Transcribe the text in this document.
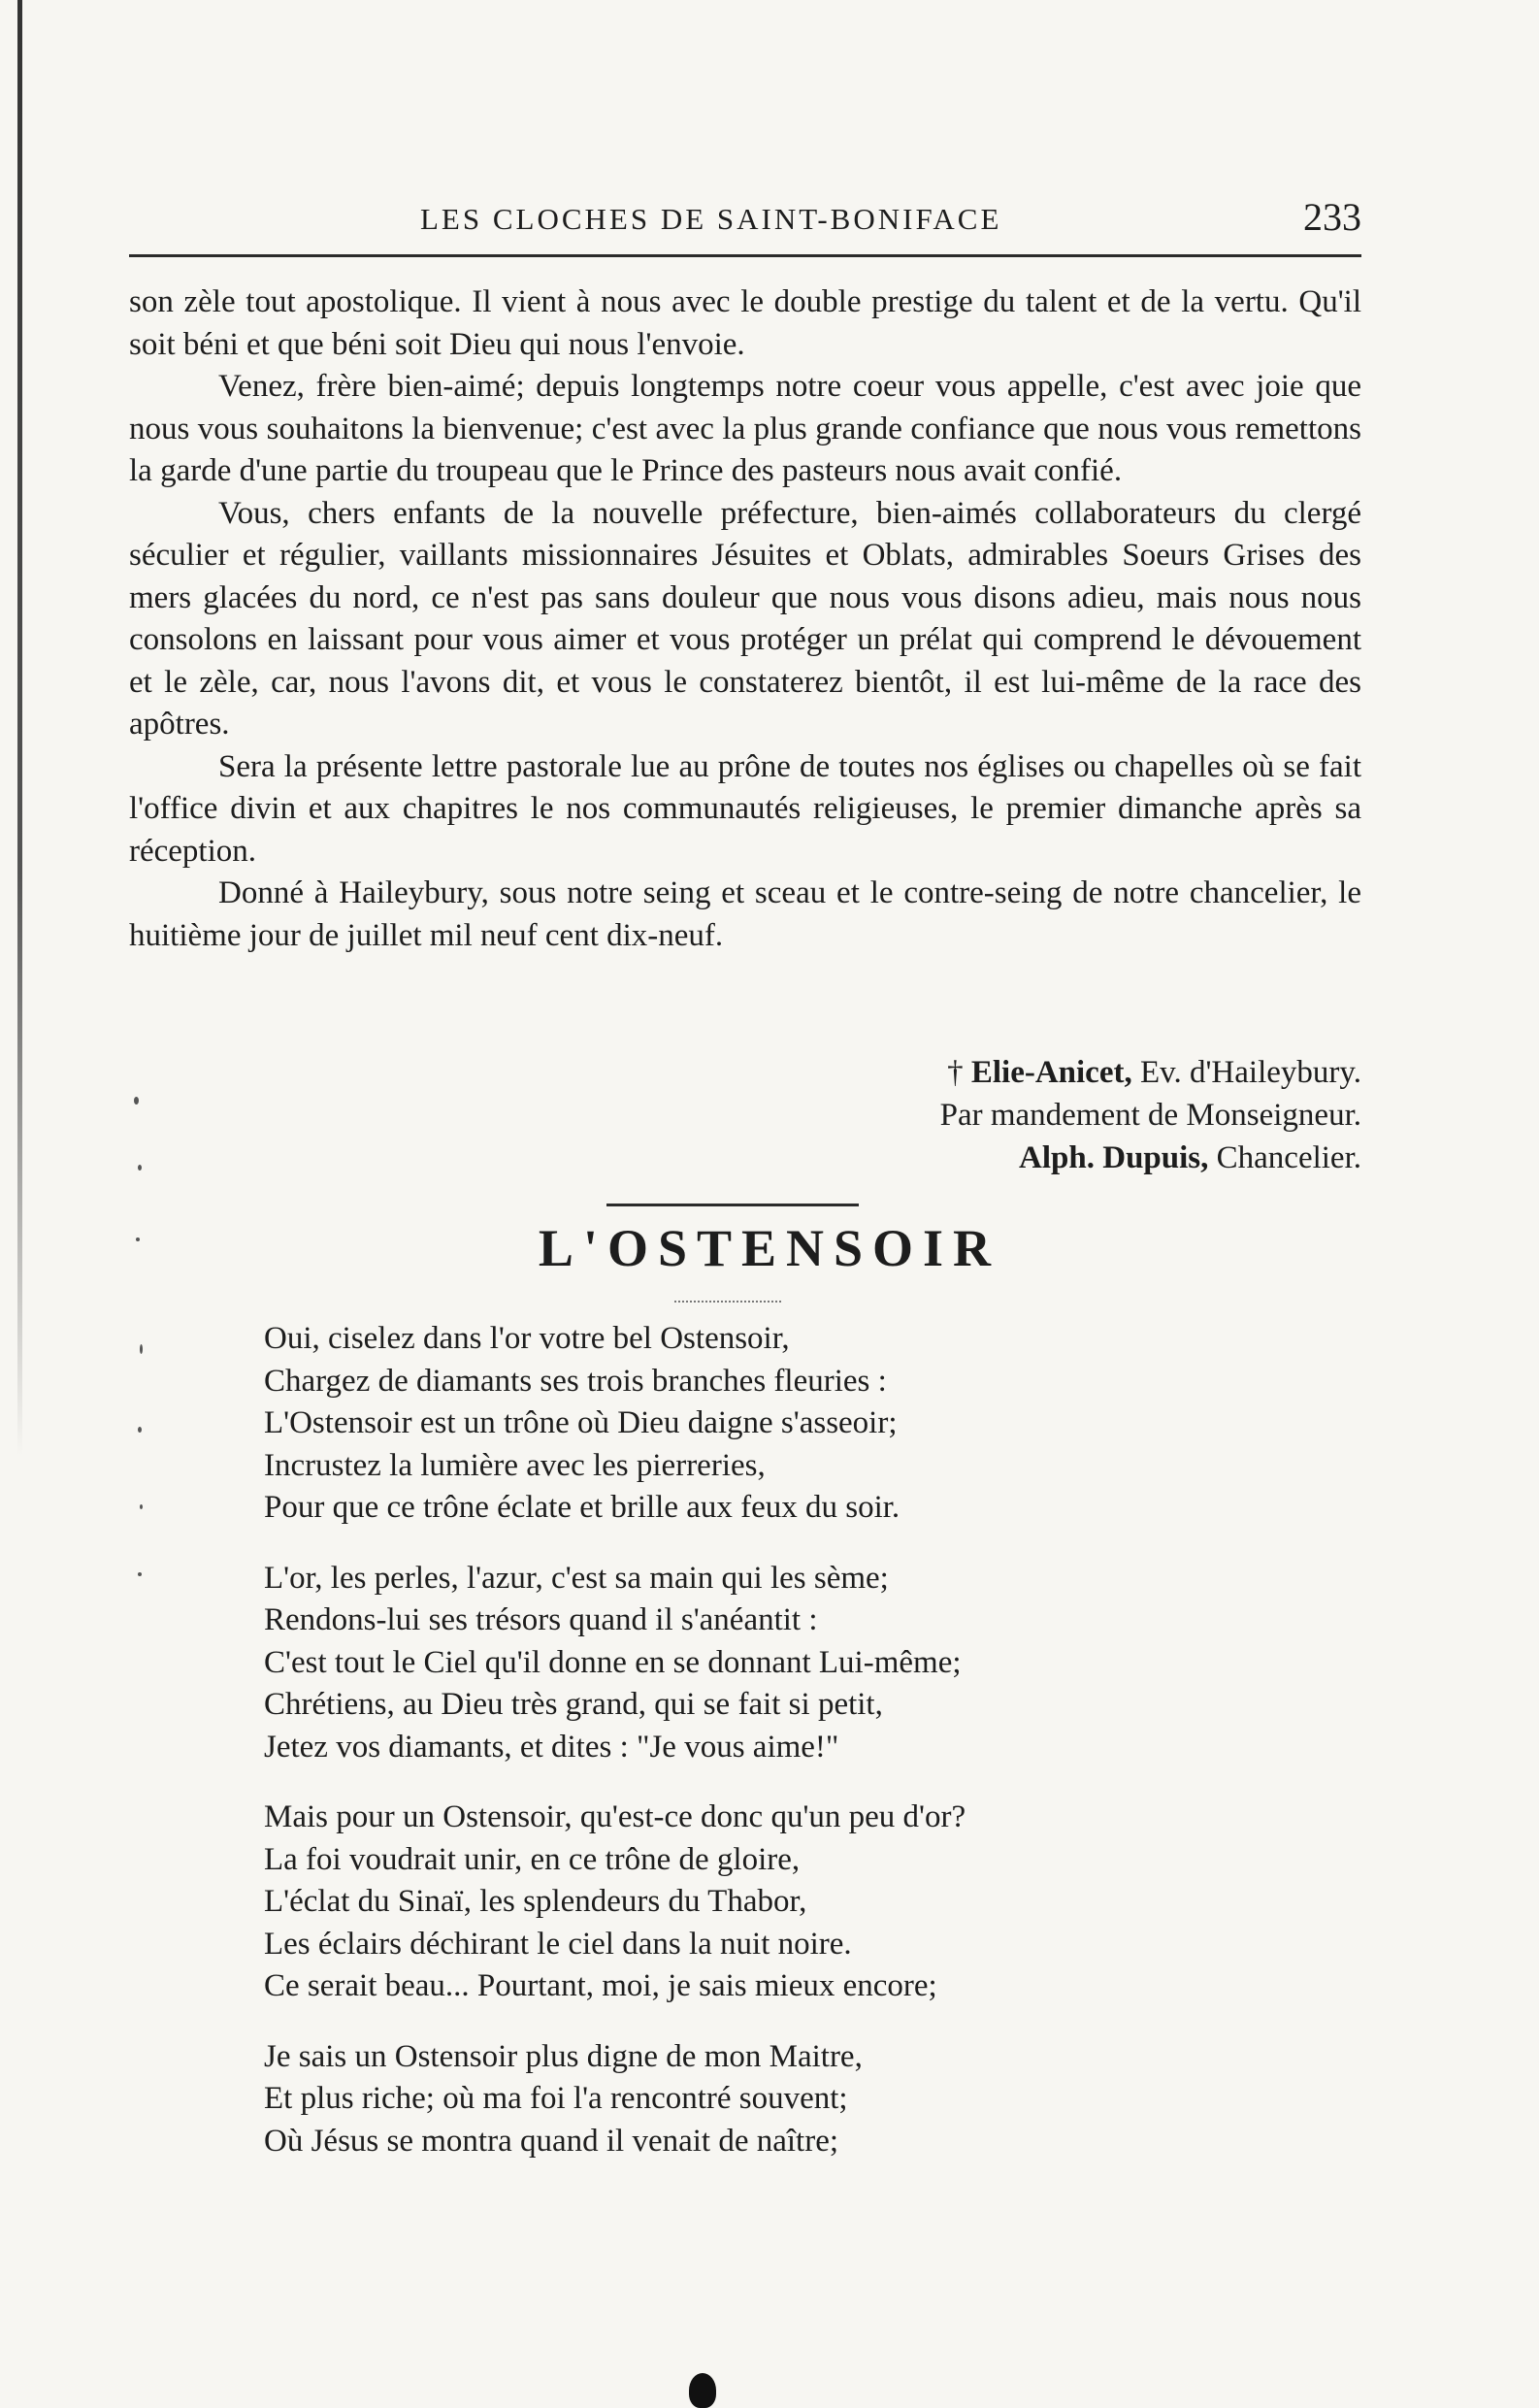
LES CLOCHES DE SAINT-BONIFACE	233

son zèle tout apostolique. Il vient à nous avec le double prestige du talent et de la vertu. Qu'il soit béni et que béni soit Dieu qui nous l'envoie.

Venez, frère bien-aimé; depuis longtemps notre coeur vous appelle, c'est avec joie que nous vous souhaitons la bienvenue; c'est avec la plus grande confiance que nous vous remettons la garde d'une partie du troupeau que le Prince des pasteurs nous avait confié.

Vous, chers enfants de la nouvelle préfecture, bien-aimés collaborateurs du clergé séculier et régulier, vaillants missionnaires Jésuites et Oblats, admirables Soeurs Grises des mers glacées du nord, ce n'est pas sans douleur que nous vous disons adieu, mais nous nous consolons en laissant pour vous aimer et vous protéger un prélat qui comprend le dévouement et le zèle, car, nous l'avons dit, et vous le constaterez bientôt, il est lui-même de la race des apôtres.

Sera la présente lettre pastorale lue au prône de toutes nos églises ou chapelles où se fait l'office divin et aux chapitres le nos communautés religieuses, le premier dimanche après sa réception.

Donné à Haileybury, sous notre seing et sceau et le contre-seing de notre chancelier, le huitième jour de juillet mil neuf cent dix-neuf.

† Elie-Anicet, Ev. d'Haileybury.
Par mandement de Monseigneur.
Alph. Dupuis, Chancelier.
L'OSTENSOIR
Oui, ciselez dans l'or votre bel Ostensoir,
Chargez de diamants ses trois branches fleuries :
L'Ostensoir est un trône où Dieu daigne s'asseoir;
Incrustez la lumière avec les pierreries,
Pour que ce trône éclate et brille aux feux du soir.
L'or, les perles, l'azur, c'est sa main qui les sème;
Rendons-lui ses trésors quand il s'anéantit :
C'est tout le Ciel qu'il donne en se donnant Lui-même;
Chrétiens, au Dieu très grand, qui se fait si petit,
Jetez vos diamants, et dites : "Je vous aime!"
Mais pour un Ostensoir, qu'est-ce donc qu'un peu d'or?
La foi voudrait unir, en ce trône de gloire,
L'éclat du Sinaï, les splendeurs du Thabor,
Les éclairs déchirant le ciel dans la nuit noire.
Ce serait beau... Pourtant, moi, je sais mieux encore;
Je sais un Ostensoir plus digne de mon Maitre,
Et plus riche; où ma foi l'a rencontré souvent;
Où Jésus se montra quand il venait de naître;
